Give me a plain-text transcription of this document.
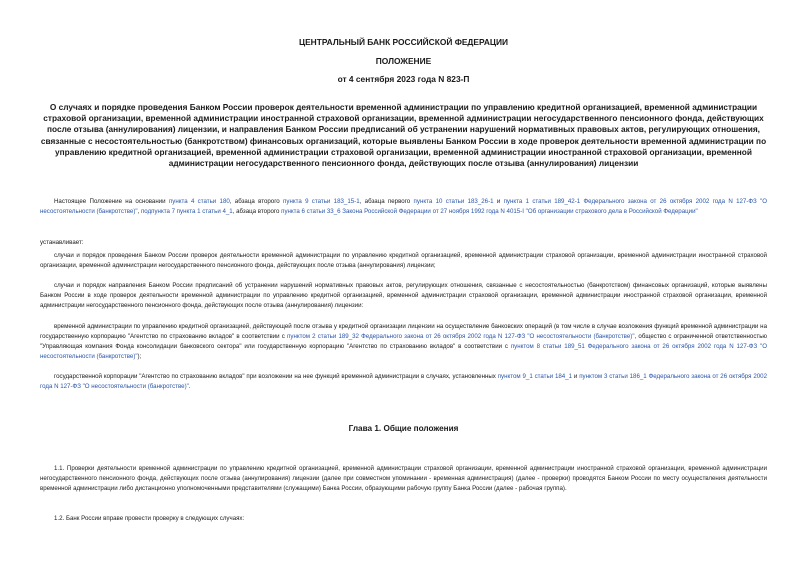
ЦЕНТРАЛЬНЫЙ БАНК РОССИЙСКОЙ ФЕДЕРАЦИИ

ПОЛОЖЕНИЕ

от 4 сентября 2023 года N 823-П

О случаях и порядке проведения Банком России проверок деятельности временной администрации по управлению кредитной организацией, временной администрации страховой организации, временной администрации иностранной страховой организации, временной администрации негосударственного пенсионного фонда, действующих после отзыва (аннулирования) лицензии, и направления Банком России предписаний об устранении нарушений нормативных правовых актов, регулирующих отношения, связанные с несостоятельностью (банкротством) финансовых организаций, которые выявлены Банком России в ходе проверок деятельности временной администрации по управлению кредитной организацией, временной администрации страховой организации, временной администрации иностранной страховой организации, временной администрации негосударственного пенсионного фонда, действующих после отзыва (аннулирования) лицензии

Настоящее Положение на основании пункта 4 статьи 180, абзаца второго пункта 9 статьи 183_15-1, абзаца первого пункта 10 статьи 183_26-1 и пункта 1 статьи 189_42-1 Федерального закона от 26 октября 2002 года N 127-ФЗ "О несостоятельности (банкротстве)", подпункта 7 пункта 1 статьи 4_1, абзаца второго пункта 6 статьи 33_6 Закона Российской Федерации от 27 ноября 1992 года N 4015-I "Об организации страхового дела в Российской Федерации"

устанавливает:

случаи и порядок проведения Банком России проверок деятельности временной администрации по управлению кредитной организацией, временной администрации страховой организации, временной администрации иностранной страховой организации, временной администрации негосударственного пенсионного фонда, действующих после отзыва (аннулирования) лицензии;

случаи и порядок направления Банком России предписаний об устранении нарушений нормативных правовых актов, регулирующих отношения, связанные с несостоятельностью (банкротством) финансовых организаций, которые выявлены Банком России в ходе проверок деятельности временной администрации по управлению кредитной организацией, временной администрации страховой организации, временной администрации иностранной страховой организации, временной администрации негосударственного пенсионного фонда, действующих после отзыва (аннулирования) лицензии:

временной администрации по управлению кредитной организацией, действующей после отзыва у кредитной организации лицензии на осуществление банковских операций (в том числе в случае возложения функций временной администрации на государственную корпорацию "Агентство по страхованию вкладов" в соответствии с пунктом 2 статьи 189_32 Федерального закона от 26 октября 2002 года N 127-ФЗ "О несостоятельности (банкротстве)", общество с ограниченной ответственностью "Управляющая компания Фонда консолидации банковского сектора" или государственную корпорацию "Агентство по страхованию вкладов" в соответствии с пунктом 8 статьи 189_51 Федерального закона от 26 октября 2002 года N 127-ФЗ "О несостоятельности (банкротстве)");

государственной корпорации "Агентство по страхованию вкладов" при возложении на нее функций временной администрации в случаях, установленных пунктом 9_1 статьи 184_1 и пунктом 3 статьи 186_1 Федерального закона от 26 октября 2002 года N 127-ФЗ "О несостоятельности (банкротстве)".

Глава 1. Общие положения

1.1. Проверки деятельности временной администрации по управлению кредитной организацией, временной администрации страховой организации, временной администрации иностранной страховой организации, временной администрации негосударственного пенсионного фонда, действующих после отзыва (аннулирования) лицензии (далее при совместном упоминании - временная администрация) (далее - проверки) проводятся Банком России по месту осуществления деятельности временной администрации либо дистанционно уполномоченными представителями (служащими) Банка России, образующими рабочую группу Банка России (далее - рабочая группа).

1.2. Банк России вправе провести проверку в следующих случаях:
